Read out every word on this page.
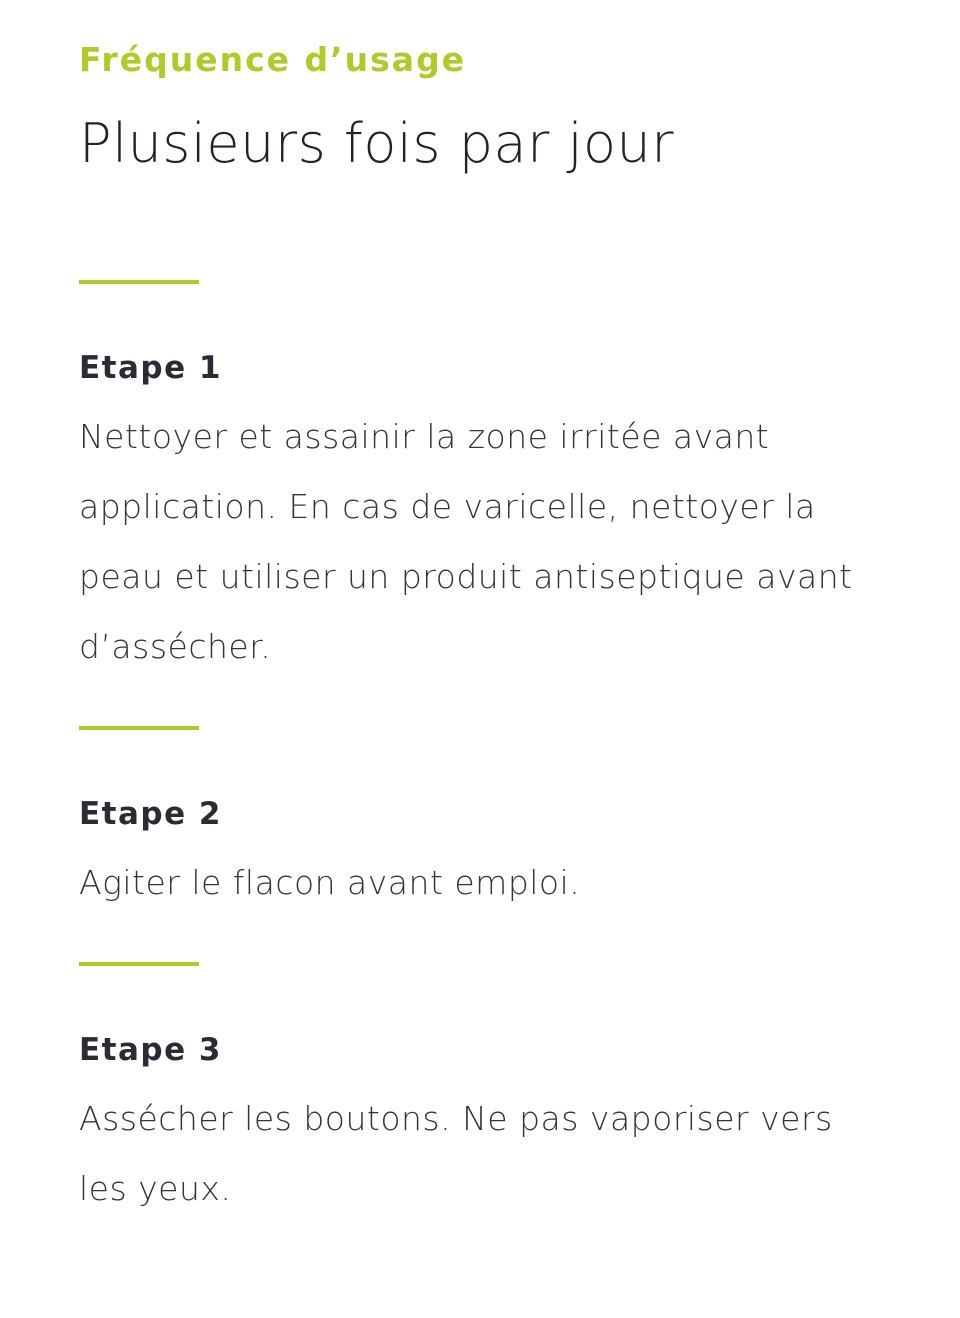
Fréquence d’usage

Plusieurs fois par jour

Etape 1

Nettoyer et assainir la zone irritée avant application. En cas de varicelle, nettoyer la peau et utiliser un produit antiseptique avant d’assécher.

Etape 2

Agiter le flacon avant emploi.

Etape 3

Assécher les boutons. Ne pas vaporiser vers les yeux.
